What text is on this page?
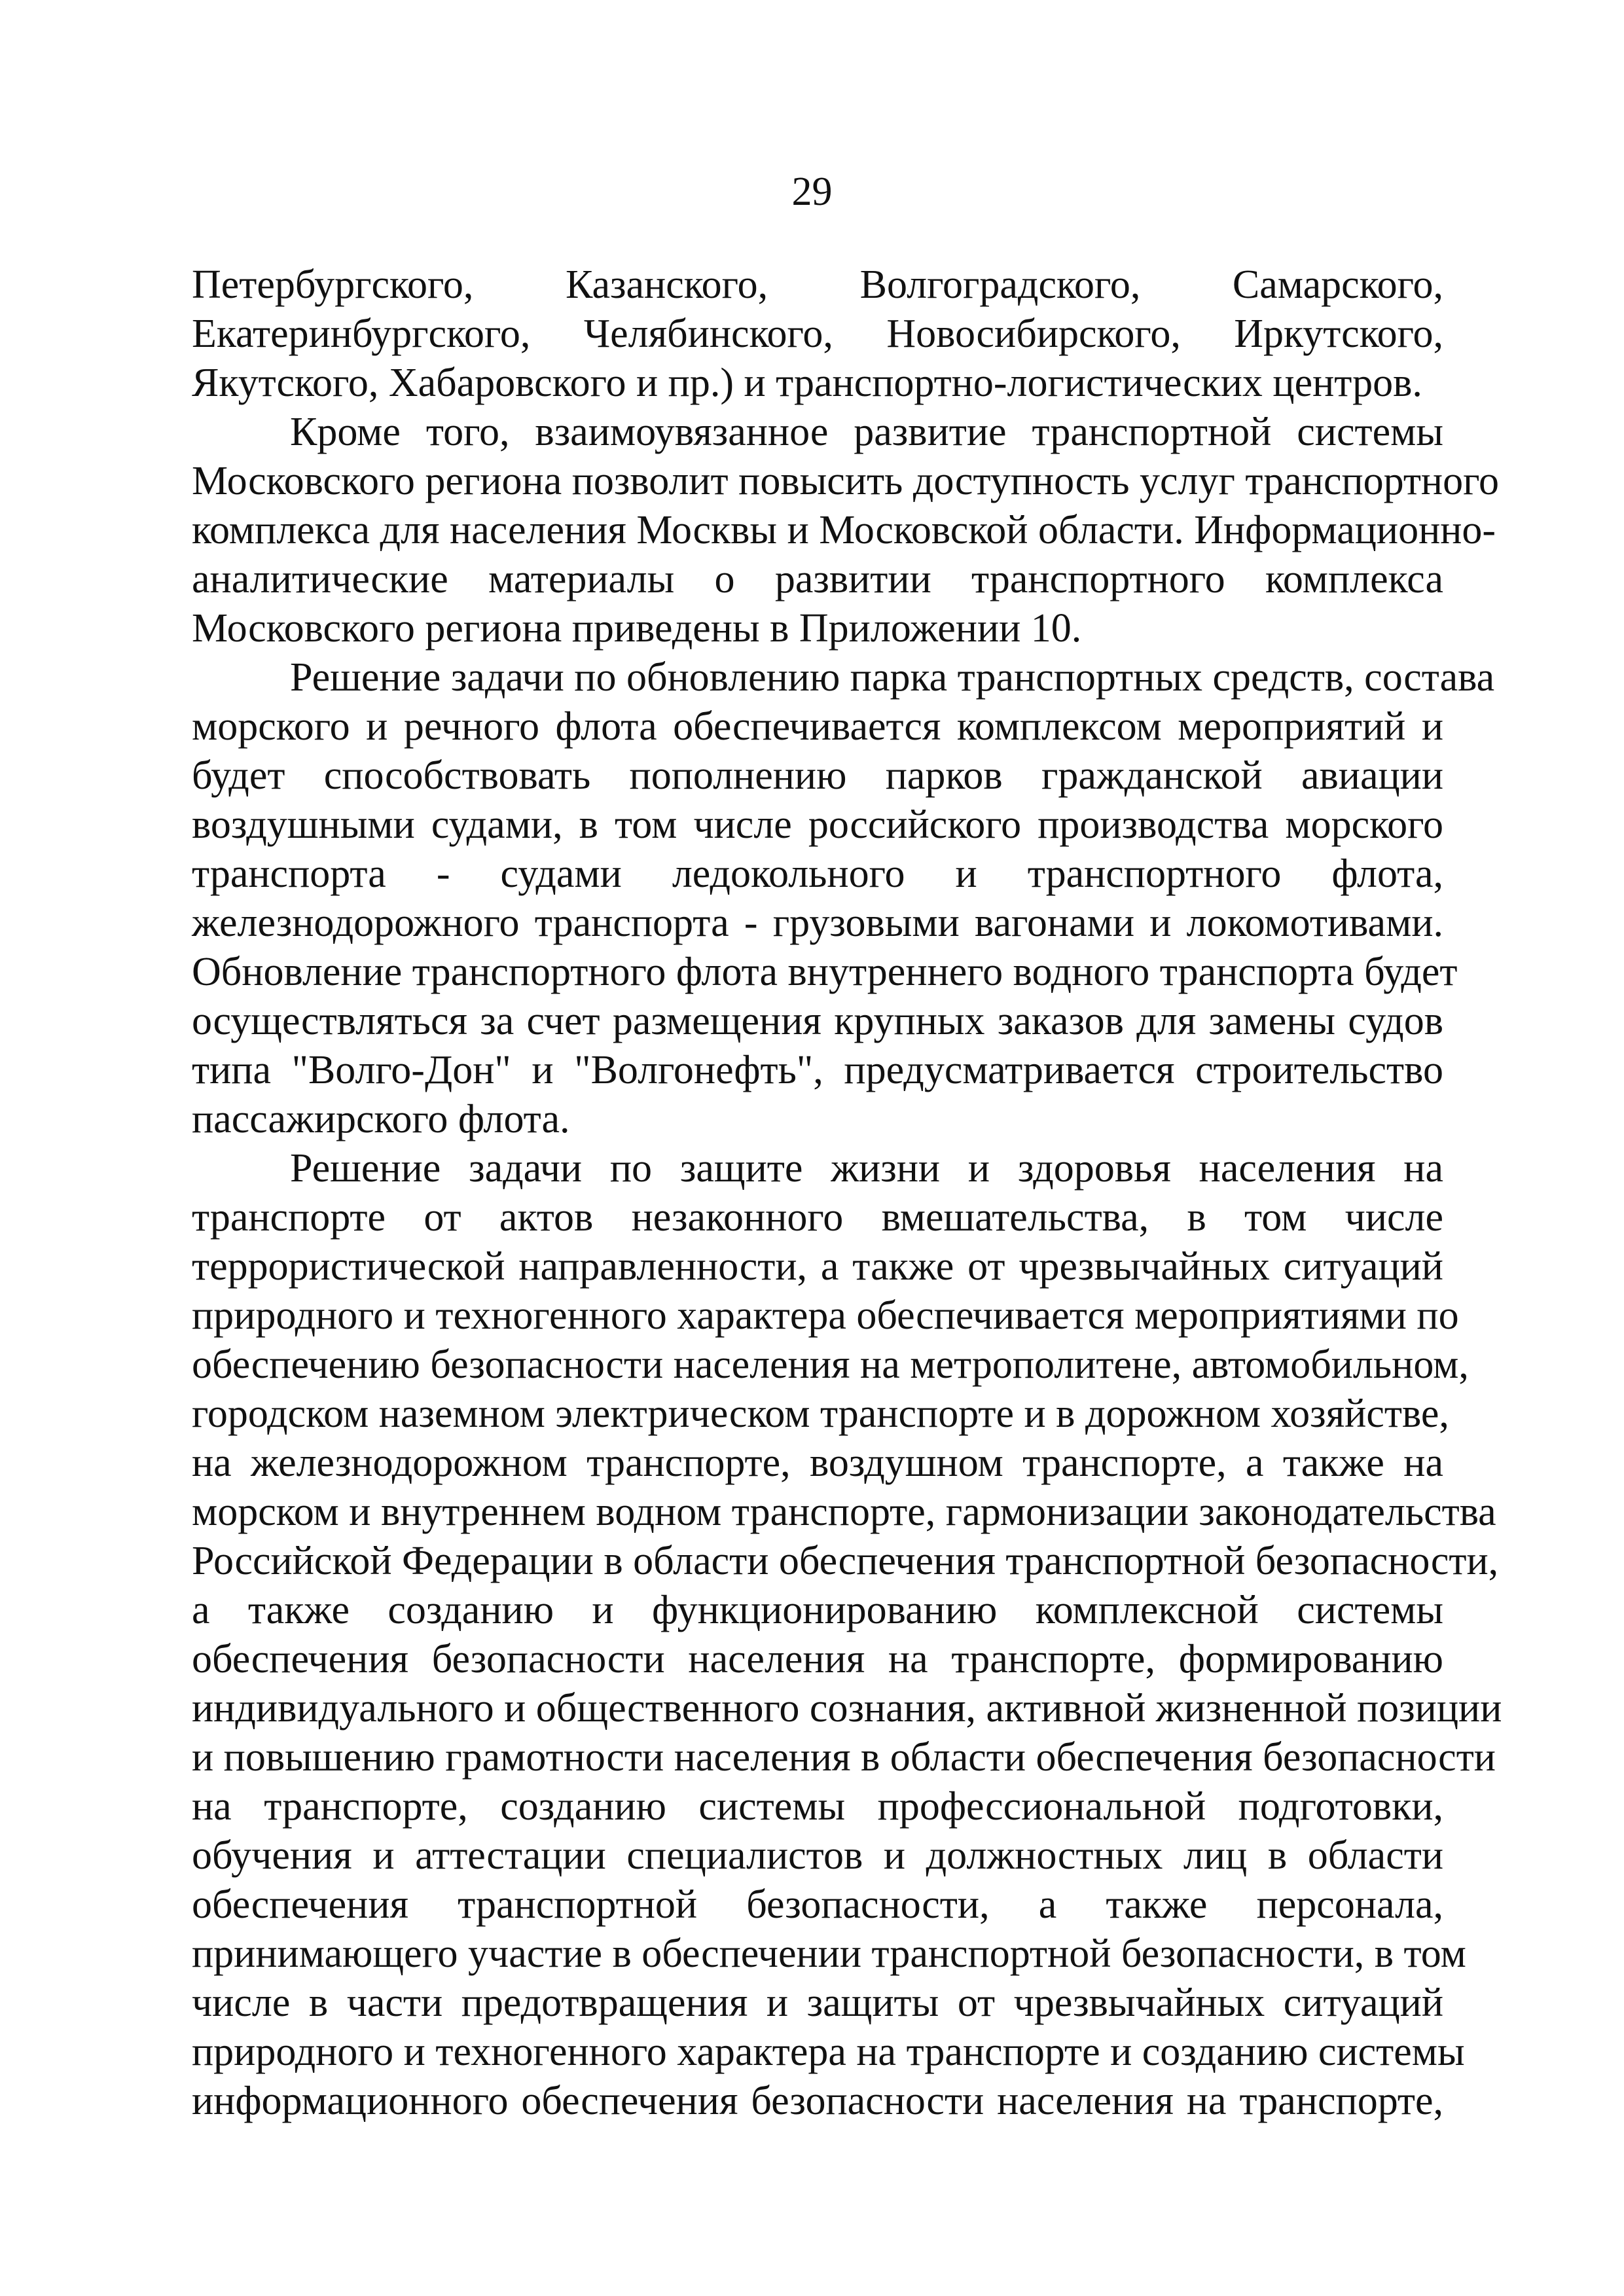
29

Петербургского, Казанского, Волгоградского, Самарского,
Екатеринбургского, Челябинского, Новосибирского, Иркутского,
Якутского, Хабаровского и пр.) и транспортно-логистических центров.

Кроме того, взаимоувязанное развитие транспортной системы
Московского региона позволит повысить доступность услуг транспортного
комплекса для населения Москвы и Московской области. Информационно-
аналитические материалы о развитии транспортного комплекса
Московского региона приведены в Приложении 10.

Решение задачи по обновлению парка транспортных средств, состава
морского и речного флота обеспечивается комплексом мероприятий и
будет способствовать пополнению парков гражданской авиации
воздушными судами, в том числе российского производства морского
транспорта - судами ледокольного и транспортного флота,
железнодорожного транспорта - грузовыми вагонами и локомотивами.
Обновление транспортного флота внутреннего водного транспорта будет
осуществляться за счет размещения крупных заказов для замены судов
типа "Волго-Дон" и "Волгонефть", предусматривается строительство
пассажирского флота.

Решение задачи по защите жизни и здоровья населения на
транспорте от актов незаконного вмешательства, в том числе
террористической направленности, а также от чрезвычайных ситуаций
природного и техногенного характера обеспечивается мероприятиями по
обеспечению безопасности населения на метрополитене, автомобильном,
городском наземном электрическом транспорте и в дорожном хозяйстве,
на железнодорожном транспорте, воздушном транспорте, а также на
морском и внутреннем водном транспорте, гармонизации законодательства
Российской Федерации в области обеспечения транспортной безопасности,
а также созданию и функционированию комплексной системы
обеспечения безопасности населения на транспорте, формированию
индивидуального и общественного сознания, активной жизненной позиции
и повышению грамотности населения в области обеспечения безопасности
на транспорте, созданию системы профессиональной подготовки,
обучения и аттестации специалистов и должностных лиц в области
обеспечения транспортной безопасности, а также персонала,
принимающего участие в обеспечении транспортной безопасности, в том
числе в части предотвращения и защиты от чрезвычайных ситуаций
природного и техногенного характера на транспорте и созданию системы
информационного обеспечения безопасности населения на транспорте,
